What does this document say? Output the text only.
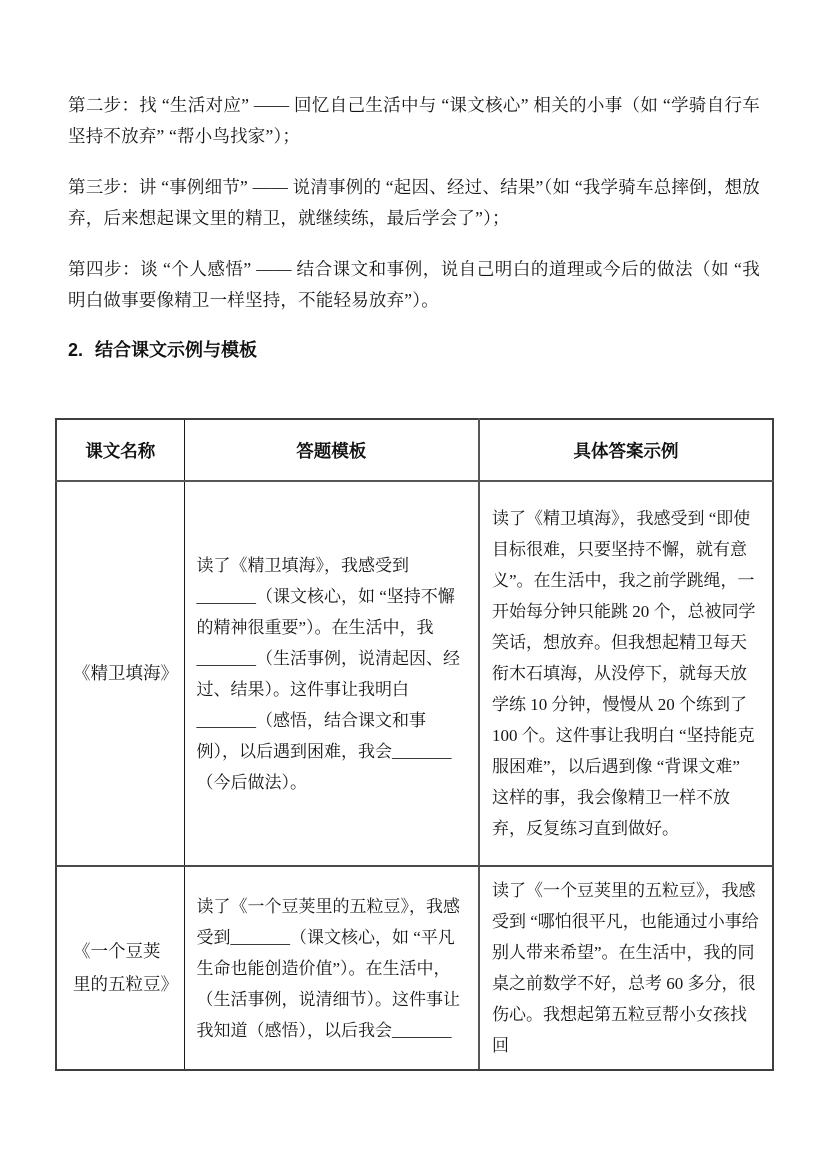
第二步：找 “生活对应” —— 回忆自己生活中与 “课文核心” 相关的小事（如 “学骑自行车坚持不放弃” “帮小鸟找家”）；

第三步：讲 “事例细节” —— 说清事例的 “起因、经过、结果”（如 “我学骑车总摔倒，想放弃，后来想起课文里的精卫，就继续练，最后学会了”）；

第四步：谈 “个人感悟” —— 结合课文和事例，说自己明白的道理或今后的做法（如 “我明白做事要像精卫一样坚持，不能轻易放弃”）。

2. 结合课文示例与模板
课文名称	答题模板	具体答案示例
《精卫填海》	读了《精卫填海》，我感受到_______（课文核心，如 “坚持不懈的精神很重要”）。在生活中，我_______（生活事例，说清起因、经过、结果）。这件事让我明白_______（感悟，结合课文和事例），以后遇到困难，我会_______（今后做法）。	读了《精卫填海》，我感受到 “即使目标很难，只要坚持不懈，就有意义”。在生活中，我之前学跳绳，一开始每分钟只能跳 20 个，总被同学笑话，想放弃。但我想起精卫每天衔木石填海，从没停下，就每天放学练 10 分钟，慢慢从 20 个练到了 100 个。这件事让我明白 “坚持能克服困难”，以后遇到像 “背课文难” 这样的事，我会像精卫一样不放弃，反复练习直到做好。
《一个豆荚里的五粒豆》	读了《一个豆荚里的五粒豆》，我感受到_______（课文核心，如 “平凡生命也能创造价值”）。在生活中，（生活事例，说清细节）。这件事让我知道（感悟），以后我会_______	读了《一个豆荚里的五粒豆》，我感受到 “哪怕很平凡，也能通过小事给别人带来希望”。在生活中，我的同桌之前数学不好，总考 60 多分，很伤心。我想起第五粒豆帮小女孩找回
